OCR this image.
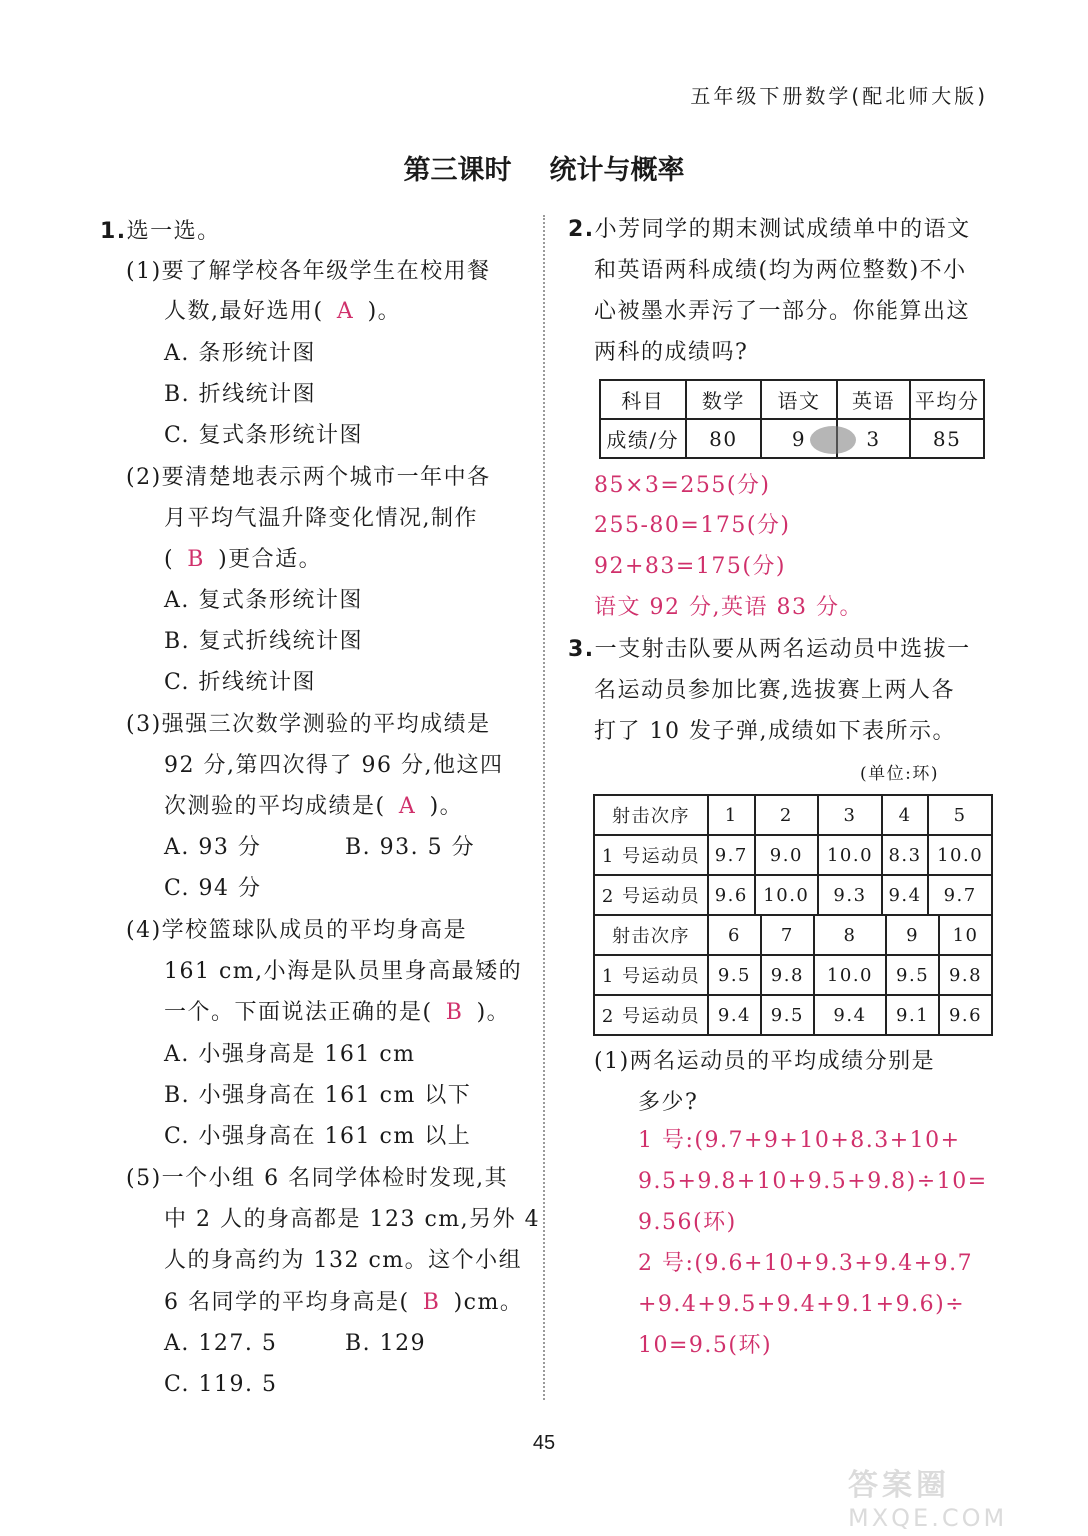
五年级下册数学(配北师大版)
第三课时 统计与概率
1.选一选。
(1)要了解学校各年级学生在校用餐
人数,最好选用( A )。
A. 条形统计图
B. 折线统计图
C. 复式条形统计图
(2)要清楚地表示两个城市一年中各
月平均气温升降变化情况,制作
( B )更合适。
A. 复式条形统计图
B. 复式折线统计图
C. 折线统计图
(3)强强三次数学测验的平均成绩是
92 分,第四次得了 96 分,他这四
次测验的平均成绩是( A )。
A. 93 分	B. 93. 5 分
C. 94 分
(4)学校篮球队成员的平均身高是
161 cm,小海是队员里身高最矮的
一个。下面说法正确的是( B )。
A. 小强身高是 161 cm
B. 小强身高在 161 cm 以下
C. 小强身高在 161 cm 以上
(5)一个小组 6 名同学体检时发现,其
中 2 人的身高都是 123 cm,另外 4
人的身高约为 132 cm。这个小组
6 名同学的平均身高是( B )cm。
A. 127. 5	B. 129
C. 119. 5
2.小芳同学的期末测试成绩单中的语文
和英语两科成绩(均为两位整数)不小
心被墨水弄污了一部分。你能算出这
两科的成绩吗?
科目	数学	语文	英语	平均分
成绩/分	80	9	3	85
85×3=255(分)
255-80=175(分)
92+83=175(分)
语文 92 分,英语 83 分。
3.一支射击队要从两名运动员中选拔一
名运动员参加比赛,选拔赛上两人各
打了 10 发子弹,成绩如下表所示。
(单位:环)
射击次序	1	2	3	4	5
1 号运动员	9.7	9.0	10.0	8.3	10.0
2 号运动员	9.6	10.0	9.3	9.4	9.7
射击次序	6	7	8	9	10
1 号运动员	9.5	9.8	10.0	9.5	9.8
2 号运动员	9.4	9.5	9.4	9.1	9.6
(1)两名运动员的平均成绩分别是
多少?
1 号:(9.7+9+10+8.3+10+
9.5+9.8+10+9.5+9.8)÷10=
9.56(环)
2 号:(9.6+10+9.3+9.4+9.7
+9.4+9.5+9.4+9.1+9.6)÷
10=9.5(环)
45
答案圈
MXQE.COM
